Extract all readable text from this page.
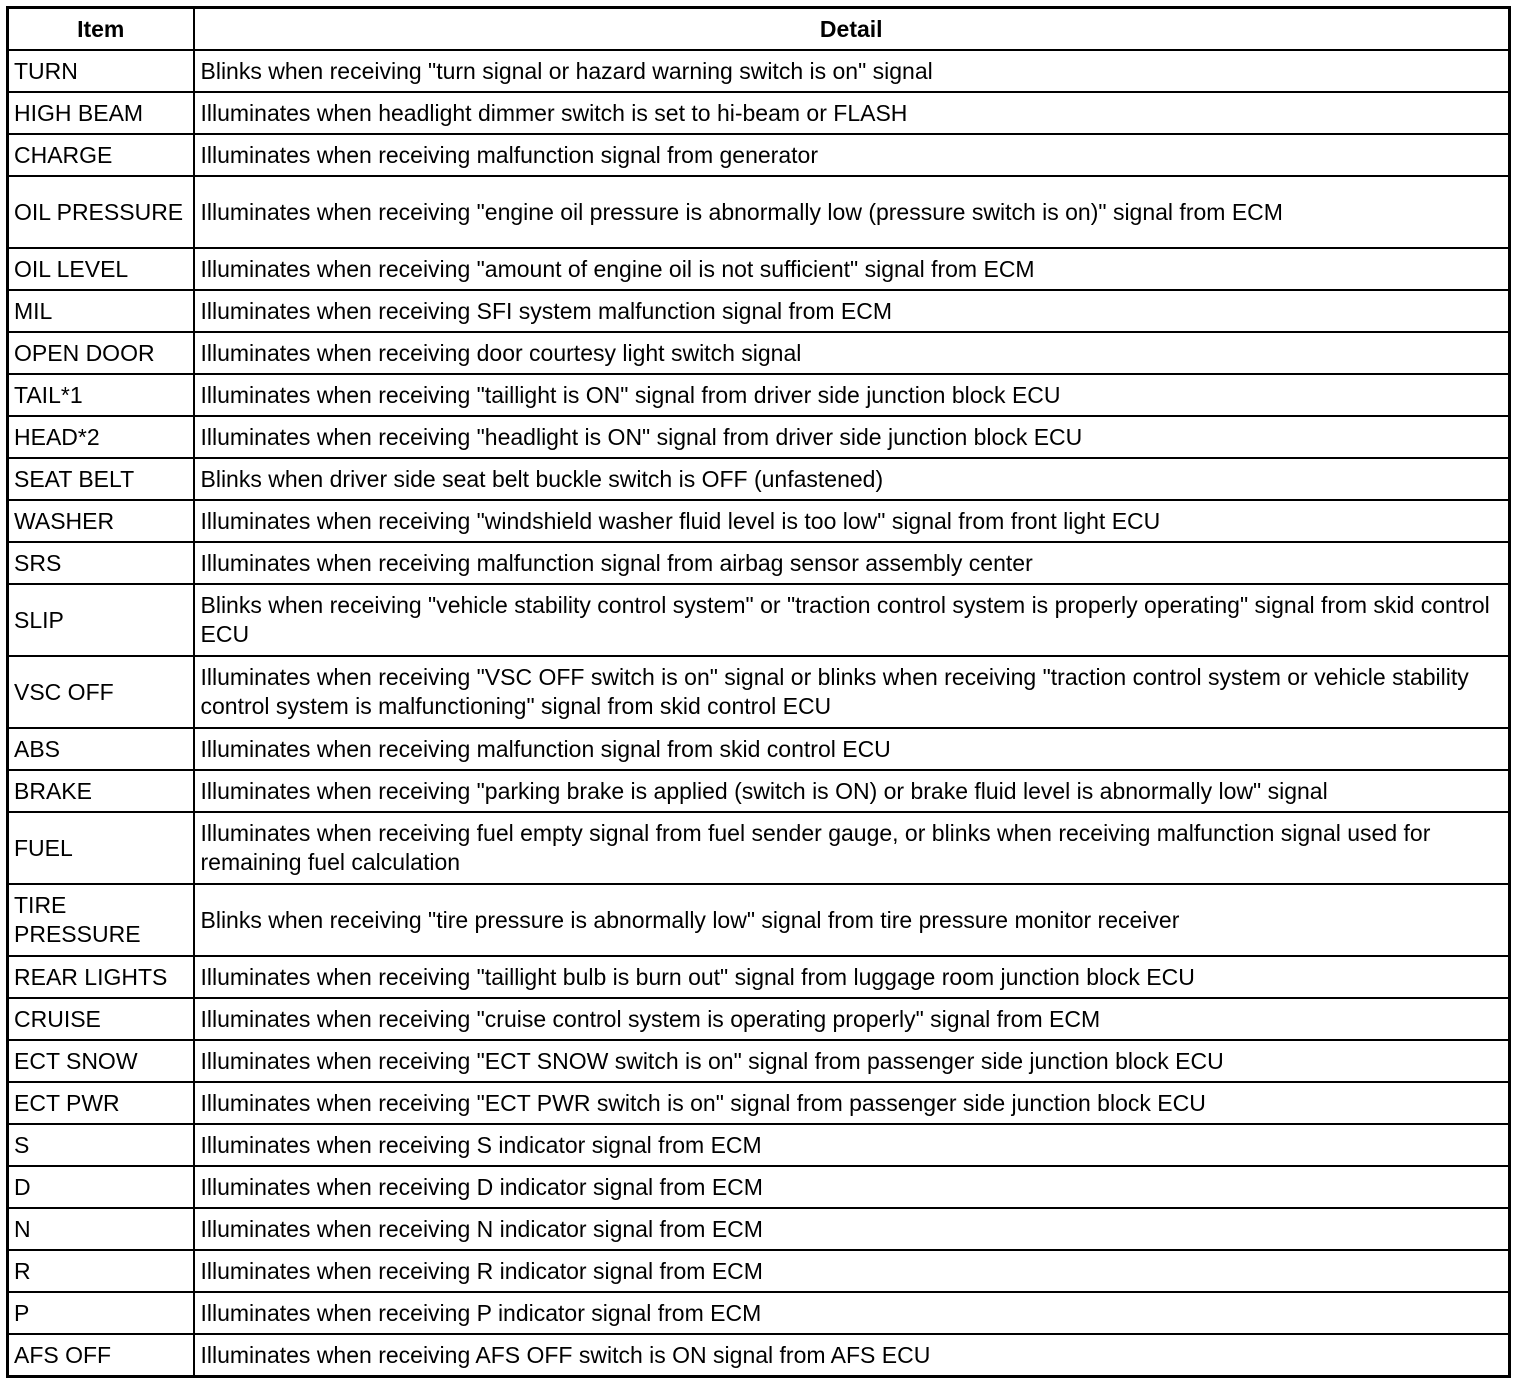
Item	Detail
TURN	Blinks when receiving "turn signal or hazard warning switch is on" signal
HIGH BEAM	Illuminates when headlight dimmer switch is set to hi-beam or FLASH
CHARGE	Illuminates when receiving malfunction signal from generator
OIL PRESSURE	Illuminates when receiving "engine oil pressure is abnormally low (pressure switch is on)" signal from ECM
OIL LEVEL	Illuminates when receiving "amount of engine oil is not sufficient" signal from ECM
MIL	Illuminates when receiving SFI system malfunction signal from ECM
OPEN DOOR	Illuminates when receiving door courtesy light switch signal
TAIL*1	Illuminates when receiving "taillight is ON" signal from driver side junction block ECU
HEAD*2	Illuminates when receiving "headlight is ON" signal from driver side junction block ECU
SEAT BELT	Blinks when driver side seat belt buckle switch is OFF (unfastened)
WASHER	Illuminates when receiving "windshield washer fluid level is too low" signal from front light ECU
SRS	Illuminates when receiving malfunction signal from airbag sensor assembly center
SLIP	Blinks when receiving "vehicle stability control system" or "traction control system is properly operating" signal from skid control ECU
VSC OFF	Illuminates when receiving "VSC OFF switch is on" signal or blinks when receiving "traction control system or vehicle stability control system is malfunctioning" signal from skid control ECU
ABS	Illuminates when receiving malfunction signal from skid control ECU
BRAKE	Illuminates when receiving "parking brake is applied (switch is ON) or brake fluid level is abnormally low" signal
FUEL	Illuminates when receiving fuel empty signal from fuel sender gauge, or blinks when receiving malfunction signal used for remaining fuel calculation
TIRE PRESSURE	Blinks when receiving "tire pressure is abnormally low" signal from tire pressure monitor receiver
REAR LIGHTS	Illuminates when receiving "taillight bulb is burn out" signal from luggage room junction block ECU
CRUISE	Illuminates when receiving "cruise control system is operating properly" signal from ECM
ECT SNOW	Illuminates when receiving "ECT SNOW switch is on" signal from passenger side junction block ECU
ECT PWR	Illuminates when receiving "ECT PWR switch is on" signal from passenger side junction block ECU
S	Illuminates when receiving S indicator signal from ECM
D	Illuminates when receiving D indicator signal from ECM
N	Illuminates when receiving N indicator signal from ECM
R	Illuminates when receiving R indicator signal from ECM
P	Illuminates when receiving P indicator signal from ECM
AFS OFF	Illuminates when receiving AFS OFF switch is ON signal from AFS ECU
